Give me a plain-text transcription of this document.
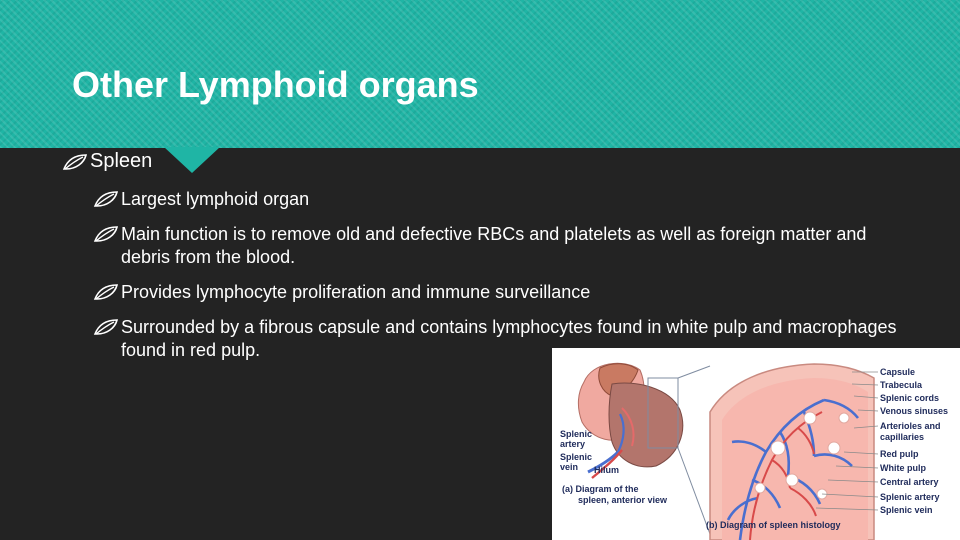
Other Lymphoid organs
Spleen
Largest lymphoid organ
Main function is to remove old and defective RBCs and platelets as well as foreign matter and debris from the blood.
Provides lymphocyte proliferation and immune surveillance
Surrounded by a fibrous capsule and contains lymphocytes found in white pulp and macrophages found in red pulp.
Splenic
artery
Splenic
vein Hilum
(a) Diagram of the
spleen, anterior view
Capsule
Trabecula
Splenic cords
Venous sinuses
Arterioles and
capillaries
Red pulp
White pulp
Central artery
Splenic artery
Splenic vein
(b) Diagram of spleen histology
